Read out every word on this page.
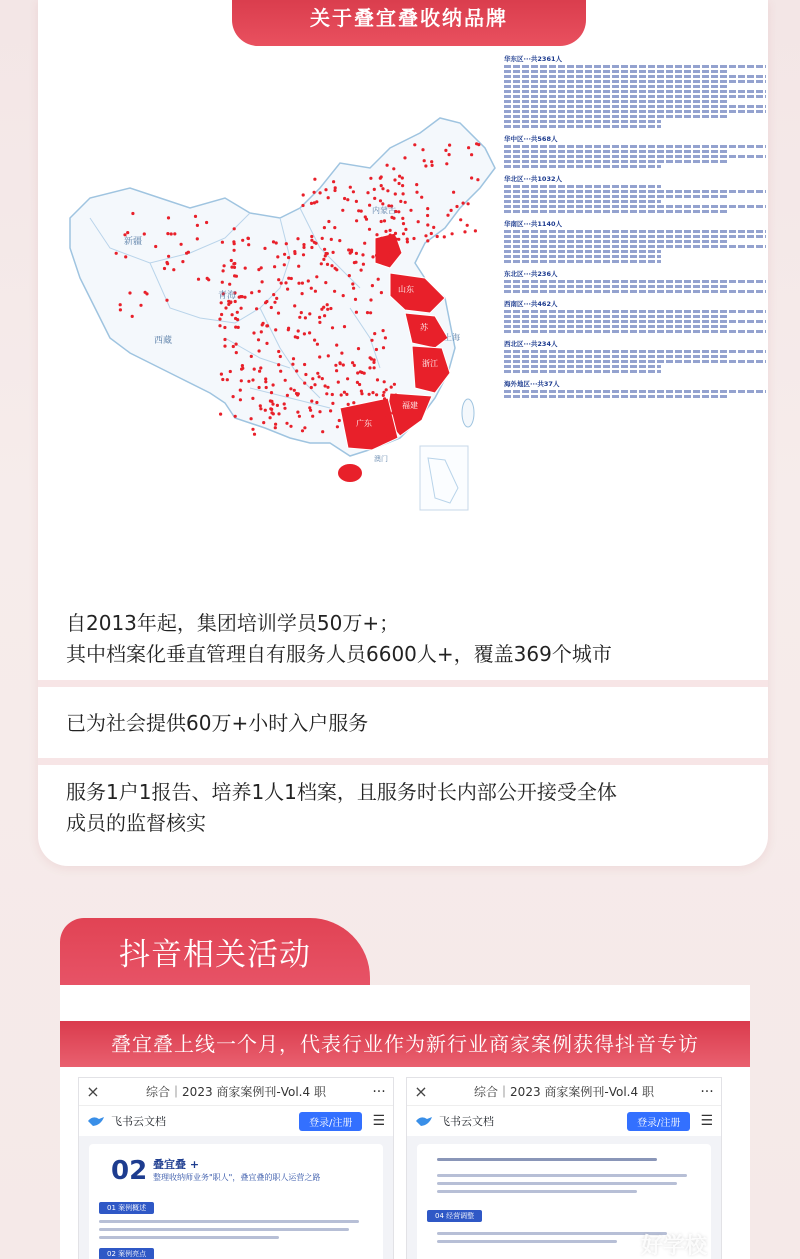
关于叠宜叠收纳品牌
新疆
青海
西藏
内蒙古
山东
苏
上海
浙江
福建
广东
澳门
华东区···共2361人
华中区···共568人
华北区···共1032人
华南区···共1140人
东北区···共236人
西南区···共462人
西北区···共234人
海外地区···共37人
自2013年起，集团培训学员50万+；
其中档案化垂直管理自有服务人员6600人+，覆盖369个城市
已为社会提供60万+小时入户服务
服务1户1报告、培养1人1档案，且服务时长内部公开接受全体
成员的监督核实
抖音相关活动
叠宜叠上线一个月，代表行业作为新行业商家案例获得抖音专访
×	综合｜2023 商家案例刊-Vol.4 职	···
飞书云文档	登录/注册	☰
02 叠宜叠 +
整理收纳师业务"职人"，叠宜叠的职人运营之路
01 案例概述
02 案例亮点
×	综合｜2023 商家案例刊-Vol.4 职	···
飞书云文档	登录/注册	☰
04 经营调整
好学校
